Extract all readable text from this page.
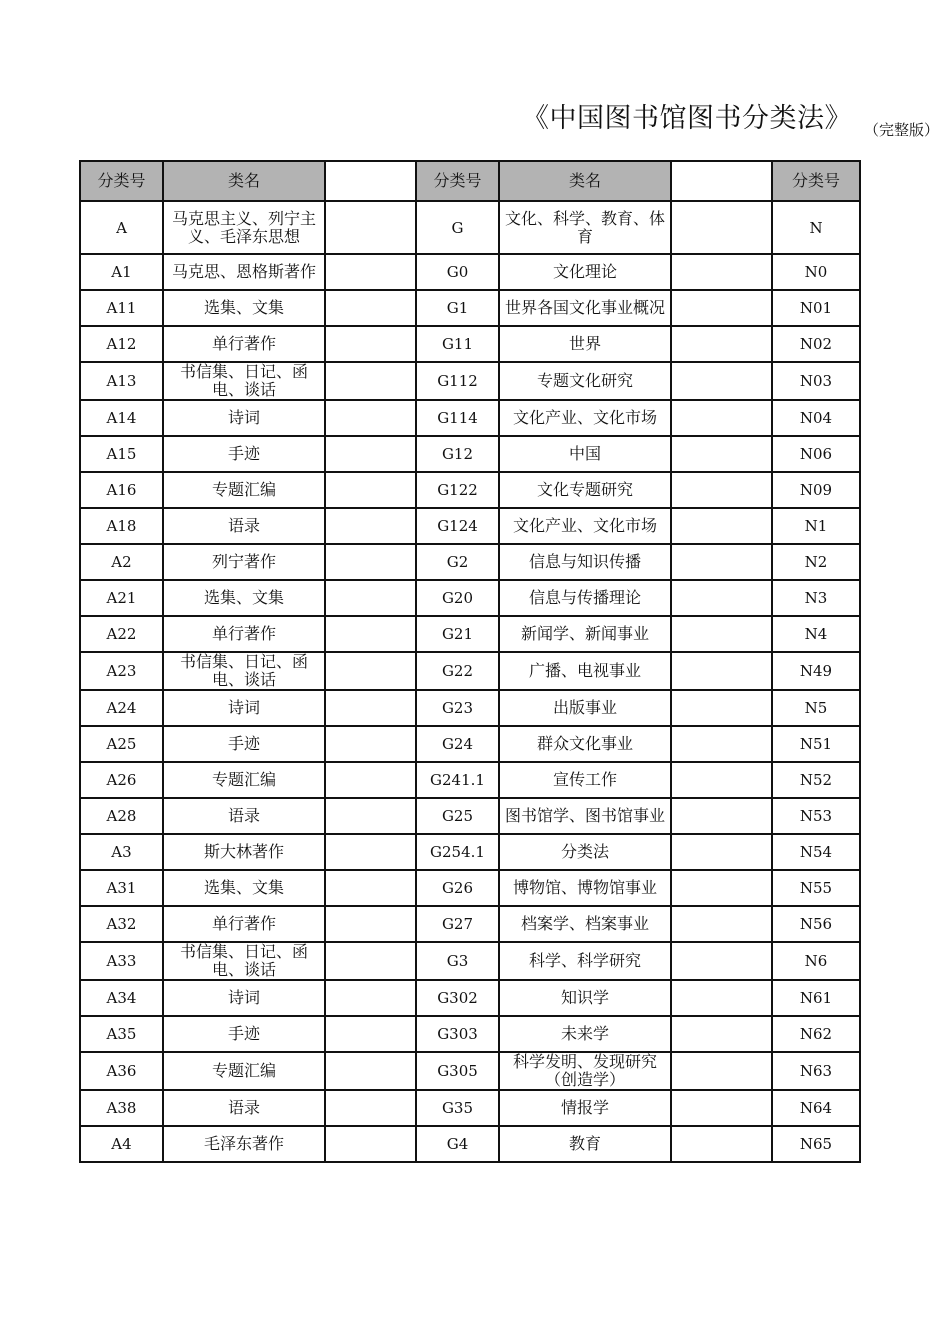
《中国图书馆图书分类法》 （完整版）
分类号	类名		分类号	类名		分类号
A	马克思主义、列宁主义、毛泽东思想		G	文化、科学、教育、体育		N
A1	马克思、恩格斯著作		G0	文化理论		N0
A11	选集、文集		G1	世界各国文化事业概况		N01
A12	单行著作		G11	世界		N02
A13	书信集、日记、函电、谈话		G112	专题文化研究		N03
A14	诗词		G114	文化产业、文化市场		N04
A15	手迹		G12	中国		N06
A16	专题汇编		G122	文化专题研究		N09
A18	语录		G124	文化产业、文化市场		N1
A2	列宁著作		G2	信息与知识传播		N2
A21	选集、文集		G20	信息与传播理论		N3
A22	单行著作		G21	新闻学、新闻事业		N4
A23	书信集、日记、函电、谈话		G22	广播、电视事业		N49
A24	诗词		G23	出版事业		N5
A25	手迹		G24	群众文化事业		N51
A26	专题汇编		G241.1	宣传工作		N52
A28	语录		G25	图书馆学、图书馆事业		N53
A3	斯大林著作		G254.1	分类法		N54
A31	选集、文集		G26	博物馆、博物馆事业		N55
A32	单行著作		G27	档案学、档案事业		N56
A33	书信集、日记、函电、谈话		G3	科学、科学研究		N6
A34	诗词		G302	知识学		N61
A35	手迹		G303	未来学		N62
A36	专题汇编		G305	科学发明、发现研究（创造学）		N63
A38	语录		G35	情报学		N64
A4	毛泽东著作		G4	教育		N65
